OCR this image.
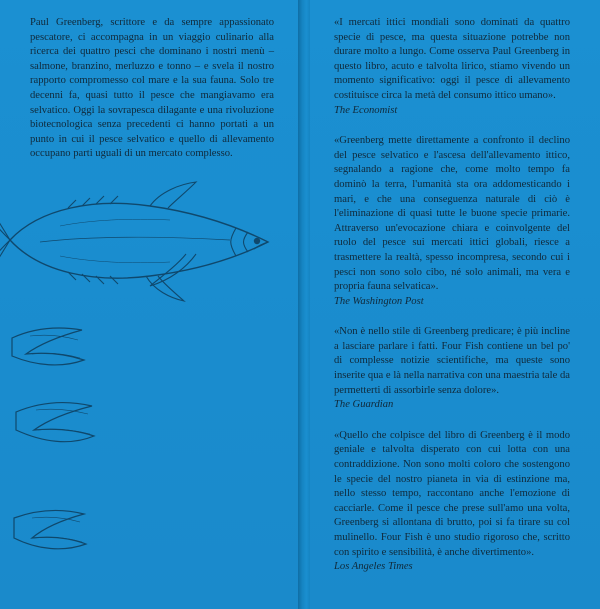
Paul Greenberg, scrittore e da sempre appassionato pescatore, ci accompagna in un viaggio culinario alla ricerca dei quattro pesci che dominano i nostri menù – salmone, branzino, merluzzo e tonno – e svela il nostro rapporto compromesso col mare e la sua fauna. Solo tre decenni fa, quasi tutto il pesce che mangiavamo era selvatico. Oggi la sovrapesca dilagante e una rivoluzione biotecnologica senza precedenti ci hanno portati a un punto in cui il pesce selvatico e quello di allevamento occupano parti uguali di un mercato complesso.

«I mercati ittici mondiali sono dominati da quattro specie di pesce, ma questa situazione potrebbe non durare molto a lungo. Come osserva Paul Greenberg in questo libro, acuto e talvolta lirico, stiamo vivendo un momento significativo: oggi il pesce di allevamento costituisce circa la metà del consumo ittico umano».

The Economist

«Greenberg mette direttamente a confronto il declino del pesce selvatico e l'ascesa dell'allevamento ittico, segnalando a ragione che, come molto tempo fa dominò la terra, l'umanità sta ora addomesticando i mari, e che una conseguenza naturale di ciò è l'eliminazione di quasi tutte le buone specie primarie. Attraverso un'evocazione chiara e coinvolgente del ruolo del pesce sui mercati ittici globali, riesce a trasmettere la realtà, spesso incompresa, secondo cui i pesci non sono solo cibo, né solo animali, ma vera e propria fauna selvatica».

The Washington Post

«Non è nello stile di Greenberg predicare; è più incline a lasciare parlare i fatti. Four Fish contiene un bel po' di complesse notizie scientifiche, ma queste sono inserite qua e là nella narrativa con una maestria tale da permetterti di assorbirle senza dolore».

The Guardian

«Quello che colpisce del libro di Greenberg è il modo geniale e talvolta disperato con cui lotta con una contraddizione. Non sono molti coloro che sostengono le specie del nostro pianeta in via di estinzione ma, nello stesso tempo, raccontano anche l'emozione di cacciarle. Come il pesce che prese sull'amo una volta, Greenberg si allontana di brutto, poi si fa tirare su col mulinello. Four Fish è uno studio rigoroso che, scritto con spirito e sensibilità, è anche divertimento».

Los Angeles Times
